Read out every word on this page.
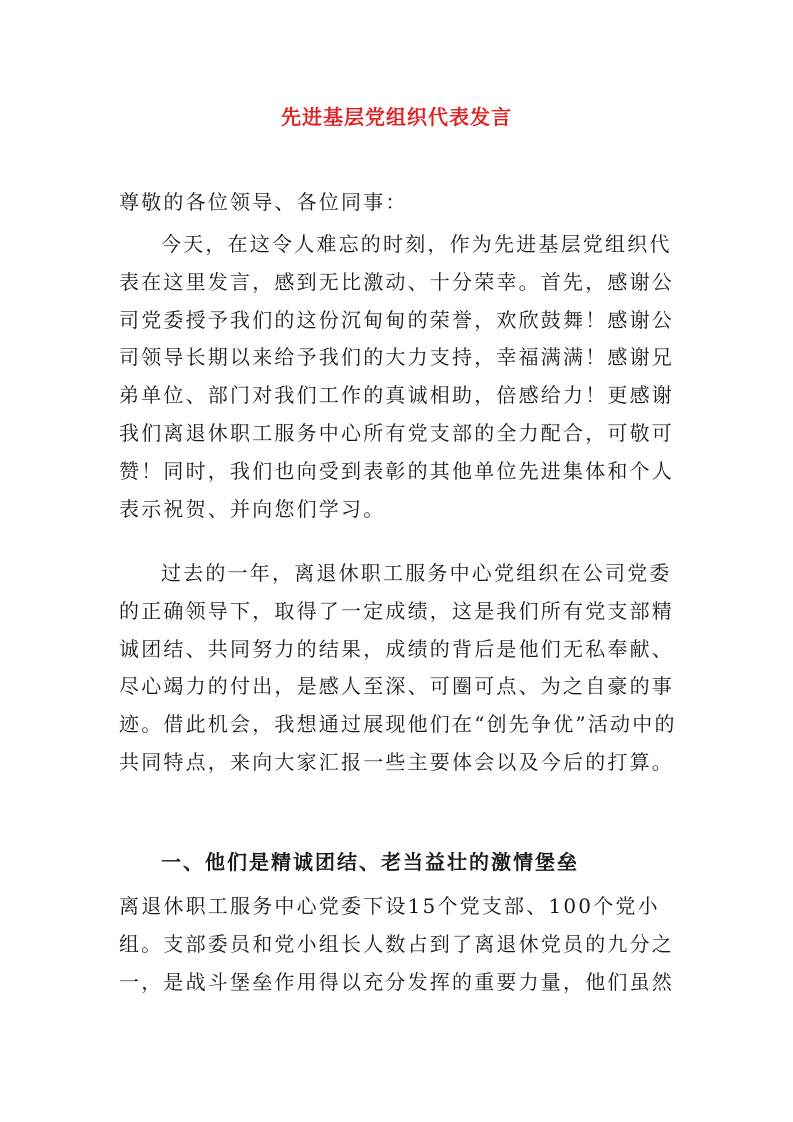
先进基层党组织代表发言
尊敬的各位领导、各位同事：
今天，在这令人难忘的时刻，作为先进基层党组织代表在这里发言，感到无比激动、十分荣幸。首先，感谢公司党委授予我们的这份沉甸甸的荣誉，欢欣鼓舞！感谢公司领导长期以来给予我们的大力支持，幸福满满！感谢兄弟单位、部门对我们工作的真诚相助，倍感给力！更感谢我们离退休职工服务中心所有党支部的全力配合，可敬可赞！同时，我们也向受到表彰的其他单位先进集体和个人表示祝贺、并向您们学习。
过去的一年，离退休职工服务中心党组织在公司党委的正确领导下，取得了一定成绩，这是我们所有党支部精诚团结、共同努力的结果，成绩的背后是他们无私奉献、尽心竭力的付出，是感人至深、可圈可点、为之自豪的事迹。借此机会，我想通过展现他们在“创先争优”活动中的共同特点，来向大家汇报一些主要体会以及今后的打算。
一、他们是精诚团结、老当益壮的激情堡垒
离退休职工服务中心党委下设15个党支部、100个党小组。支部委员和党小组长人数占到了离退休党员的九分之一，是战斗堡垒作用得以充分发挥的重要力量，他们虽然
